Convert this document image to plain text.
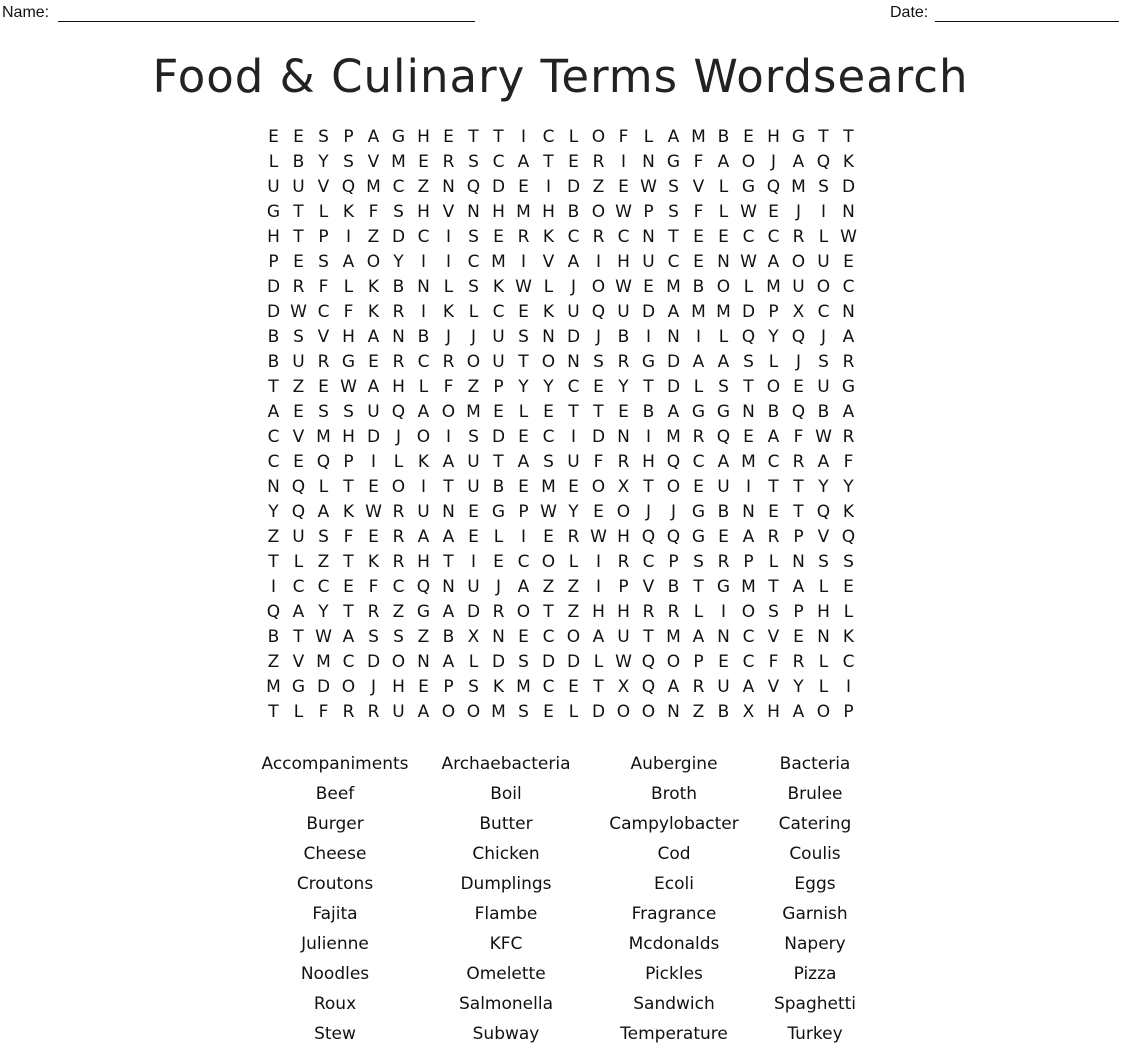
Name:	Date:
Food & Culinary Terms Wordsearch
E E S P A G H E T T	I C L O F L A M B E H G T T
L B Y S V M E R S C A T E R I N G F A O J A Q K
U U V Q M C Z N Q D E	I D Z E W S V L G Q M S D
G T L K F S H V N H M H B O W P S F L W E	J	I N
H T P	I Z D C I	S E R K C R C N T E E C C R L W
P E S A O Y	I	I C M I V A I H U C E N W A O U E
D R F L K B N L S K W L	J O W E M B O L M U O C
D W C F K R I K L C E K U Q U D A M M D P X C N
B S V H A N B J	J U S N D J B I N I	L Q Y Q J A
B U R G E R C R O U T O N S R G D A A S L	J	S R
T Z E W A H L F Z P Y Y C E Y T D L S T O E U G
A E S S U Q A O M E L E T T E B A G G N B Q B A
C V M H D J O I	S D E C I D N I M R Q E A F W R
C E Q P	I	L K A U T A S U F R H Q C A M C R A F
N Q L T E O I	T U B E M E O X T O E U I	T T Y Y
Y Q A K W R U N E G P W Y E O J	J G B N E T Q K
Z U S F E R A A E L	I	E R W H Q Q G E A R P V Q
T L Z T K R H T	I	E C O L	I R C P S R P L N S S
I C C E F C Q N U J A Z Z I	P V B T G M T A L E
Q A Y T R Z G A D R O T Z H H R R L	I O S P H L
B T W A S S Z B X N E C O A U T M A N C V E N K
Z V M C D O N A L D S D D L W Q O P E C F R L C
M G D O J H E P S K M C E T X Q A R U A V Y L	I
T L F R R U A O O M S E L D O O N Z B X H A O P
Accompaniments	Archaebacteria	Aubergine	Bacteria
Beef	Boil	Broth	Brulee
Burger	Butter	Campylobacter	Catering
Cheese	Chicken	Cod	Coulis
Croutons	Dumplings	Ecoli	Eggs
Fajita	Flambe	Fragrance	Garnish
Julienne	KFC	Mcdonalds	Napery
Noodles	Omelette	Pickles	Pizza
Roux	Salmonella	Sandwich	Spaghetti
Stew	Subway	Temperature	Turkey
